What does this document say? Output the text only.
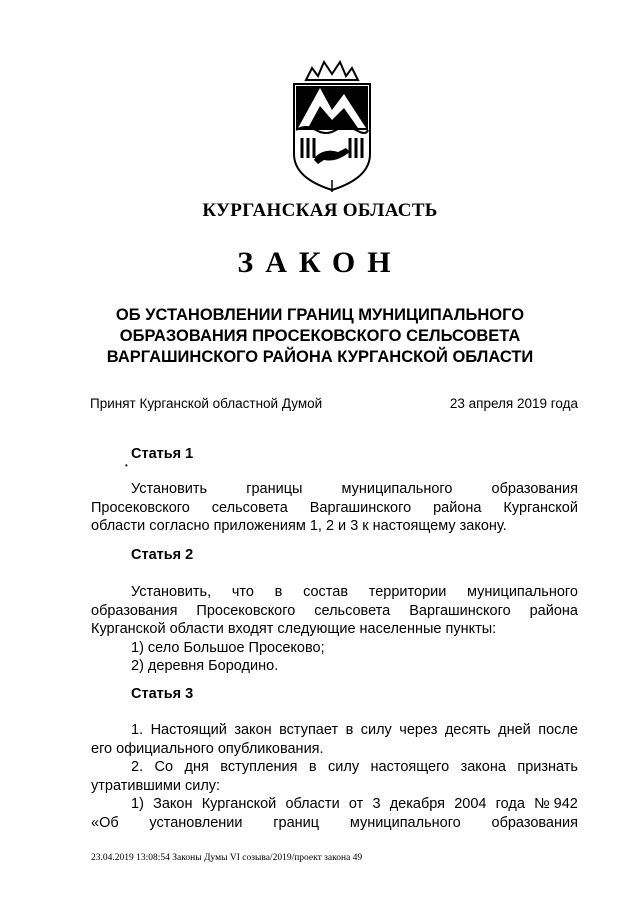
КУРГАНСКАЯ ОБЛАСТЬ
ЗАКОН
ОБ УСТАНОВЛЕНИИ ГРАНИЦ МУНИЦИПАЛЬНОГО
ОБРАЗОВАНИЯ ПРОСЕКОВСКОГО СЕЛЬСОВЕТА
ВАРГАШИНСКОГО РАЙОНА КУРГАНСКОЙ ОБЛАСТИ
Принят Курганской областной Думой	23 апреля 2019 года
•
Статья 1
Установить	границы	муниципального	образования
Просековского сельсовета Варгашинского района Курганской
области согласно приложениям 1, 2 и 3 к настоящему закону.
Статья 2
Установить, что в состав территории муниципального
образования Просековского сельсовета Варгашинского района
Курганской области входят следующие населенные пункты:
1) село Большое Просеково;
2) деревня Бородино.
Статья 3
1. Настоящий закон вступает в силу через десять дней после
его официального опубликования.
2. Со дня вступления в силу настоящего закона признать
утратившими силу:
1) Закон Курганской области от 3 декабря 2004 года № 942
«Об установлении границ муниципального образования
23.04.2019 13:08:54 Законы Думы VI созыва/2019/проект закона 49
